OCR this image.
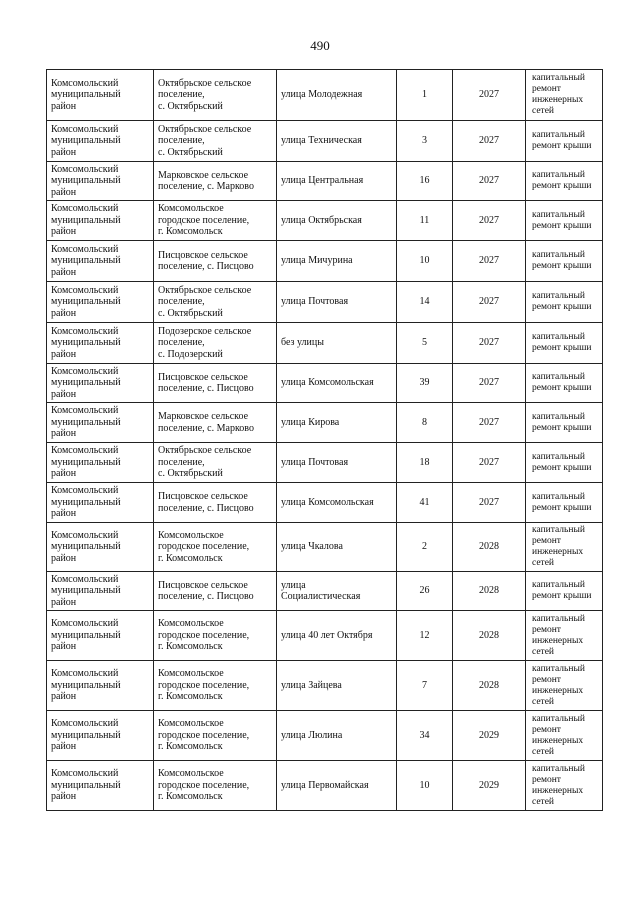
490
Комсомольский
муниципальный
район	Октябрьское сельское
поселение,
с. Октябрьский	улица Молодежная	1	2027	капитальный
ремонт
инженерных
сетей
Комсомольский
муниципальный
район	Октябрьское сельское
поселение,
с. Октябрьский	улица Техническая	3	2027	капитальный
ремонт крыши
Комсомольский
муниципальный
район	Марковское сельское
поселение, с. Марково	улица Центральная	16	2027	капитальный
ремонт крыши
Комсомольский
муниципальный
район	Комсомольское
городское поселение,
г. Комсомольск	улица Октябрьская	11	2027	капитальный
ремонт крыши
Комсомольский
муниципальный
район	Писцовское сельское
поселение, с. Писцово	улица Мичурина	10	2027	капитальный
ремонт крыши
Комсомольский
муниципальный
район	Октябрьское сельское
поселение,
с. Октябрьский	улица Почтовая	14	2027	капитальный
ремонт крыши
Комсомольский
муниципальный
район	Подозерское сельское
поселение,
с. Подозерский	без улицы	5	2027	капитальный
ремонт крыши
Комсомольский
муниципальный
район	Писцовское сельское
поселение, с. Писцово	улица Комсомольская	39	2027	капитальный
ремонт крыши
Комсомольский
муниципальный
район	Марковское сельское
поселение, с. Марково	улица Кирова	8	2027	капитальный
ремонт крыши
Комсомольский
муниципальный
район	Октябрьское сельское
поселение,
с. Октябрьский	улица Почтовая	18	2027	капитальный
ремонт крыши
Комсомольский
муниципальный
район	Писцовское сельское
поселение, с. Писцово	улица Комсомольская	41	2027	капитальный
ремонт крыши
Комсомольский
муниципальный
район	Комсомольское
городское поселение,
г. Комсомольск	улица Чкалова	2	2028	капитальный
ремонт
инженерных
сетей
Комсомольский
муниципальный
район	Писцовское сельское
поселение, с. Писцово	улица
Социалистическая	26	2028	капитальный
ремонт крыши
Комсомольский
муниципальный
район	Комсомольское
городское поселение,
г. Комсомольск	улица 40 лет Октября	12	2028	капитальный
ремонт
инженерных
сетей
Комсомольский
муниципальный
район	Комсомольское
городское поселение,
г. Комсомольск	улица Зайцева	7	2028	капитальный
ремонт
инженерных
сетей
Комсомольский
муниципальный
район	Комсомольское
городское поселение,
г. Комсомольск	улица Люлина	34	2029	капитальный
ремонт
инженерных
сетей
Комсомольский
муниципальный
район	Комсомольское
городское поселение,
г. Комсомольск	улица Первомайская	10	2029	капитальный
ремонт
инженерных
сетей
